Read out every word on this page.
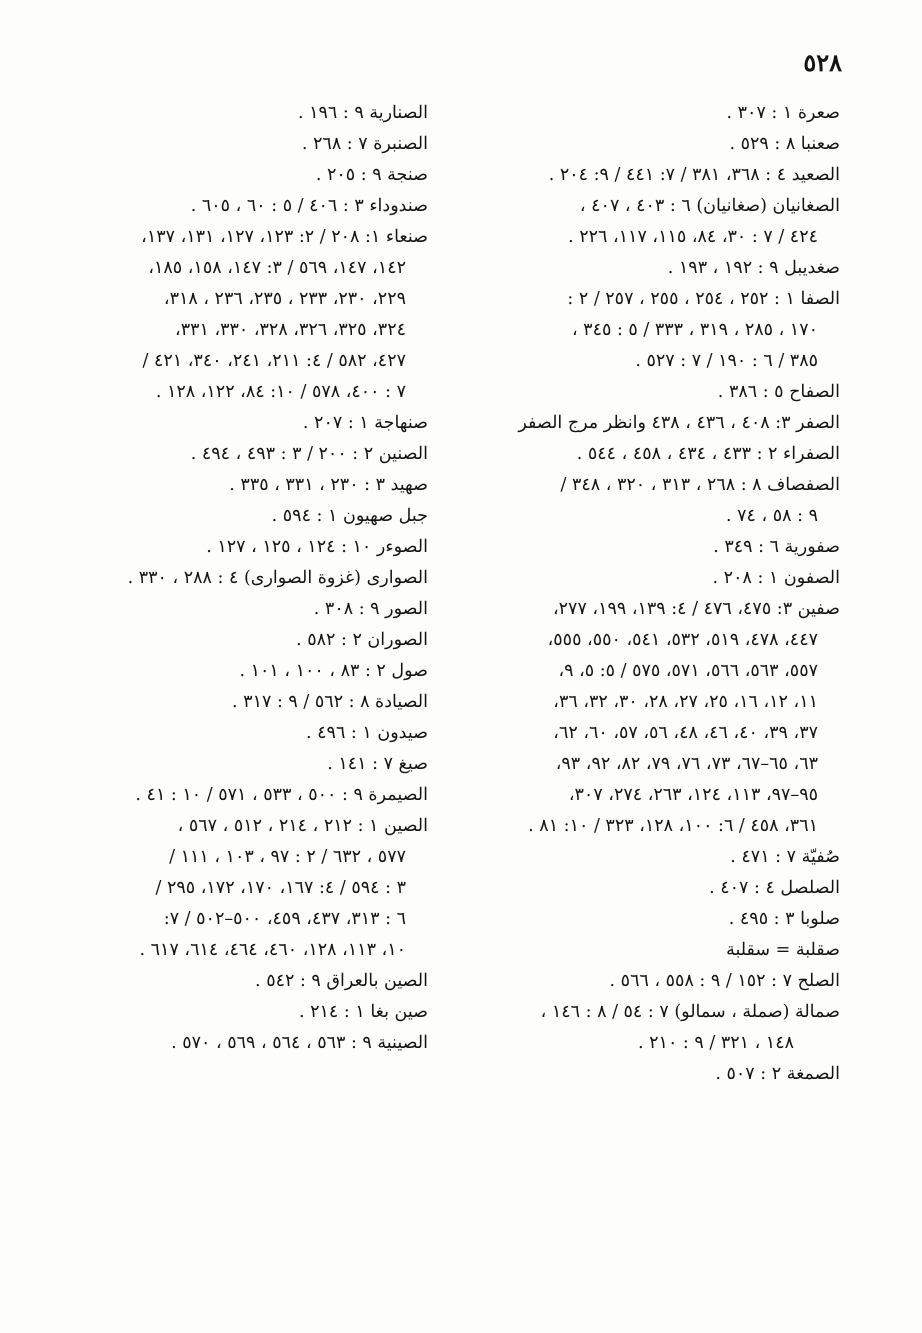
٥٢٨
صعرة ١ : ٣٠٧ .
صعنبا ٨ : ٥٢٩ .
الصعيد ٤ : ٣٦٨، ٣٨١ / ٧: ٤٤١ / ٩: ٢٠٤ .
الصغانيان (صغانيان) ٦ : ٤٠٣ ، ٤٠٧ ،
٤٢٤ / ٧ : ٣٠، ٨٤، ١١٥، ١١٧، ٢٢٦ .
صغديبل ٩ : ١٩٢ ، ١٩٣ .
الصفا ١ : ٢٥٢ ، ٢٥٤ ، ٢٥٥ ، ٢٥٧ / ٢ :
١٧٠ ، ٢٨٥ ، ٣١٩ ، ٣٣٣ / ٥ : ٣٤٥ ،
٣٨٥ / ٦ : ١٩٠ / ٧ : ٥٢٧ .
الصفاح ٥ : ٣٨٦ .
الصفر ٣: ٤٠٨ ، ٤٣٦ ، ٤٣٨ وانظر مرج الصفر
الصفراء ٢ : ٤٣٣ ، ٤٣٤ ، ٤٥٨ ، ٥٤٤ .
الصفصاف ٨ : ٢٦٨ ، ٣١٣ ، ٣٢٠ ، ٣٤٨ /
٩ : ٥٨ ، ٧٤ .
صفورية ٦ : ٣٤٩ .
الصفون ١ : ٢٠٨ .
صفين ٣: ٤٧٥، ٤٧٦ / ٤: ١٣٩، ١٩٩، ٢٧٧،
٤٤٧، ٤٧٨، ٥١٩، ٥٣٢، ٥٤١، ٥٥٠، ٥٥٥،
٥٥٧، ٥٦٣، ٥٦٦، ٥٧١، ٥٧٥ / ٥: ٥، ٩،
١١، ١٢، ١٦، ٢٥، ٢٧، ٢٨، ٣٠، ٣٢، ٣٦،
٣٧، ٣٩، ٤٠، ٤٦، ٤٨، ٥٦، ٥٧، ٦٠، ٦٢،
٦٣، ٦٥–٦٧، ٧٣، ٧٦، ٧٩، ٨٢، ٩٢، ٩٣،
٩٥–٩٧، ١١٣، ١٢٤، ٢٦٣، ٢٧٤، ٣٠٧،
٣٦١، ٤٥٨ / ٦: ١٠٠، ١٢٨، ٣٢٣ / ١٠: ٨١ .
صُفيّة ٧ : ٤٧١ .
الصلصل ٤ : ٤٠٧ .
صلوبا ٣ : ٤٩٥ .
صقلبة = سقلبة
الصلح ٧ : ١٥٢ / ٩ : ٥٥٨ ، ٥٦٦ .
صمالة (صملة ، سمالو) ٧ : ٥٤ / ٨ : ١٤٦ ،
١٤٨ ، ٣٢١ / ٩ : ٢١٠ .
الصمغة ٢ : ٥٠٧ .
الصنارية ٩ : ١٩٦ .
الصنبرة ٧ : ٢٦٨ .
صنجة ٩ : ٢٠٥ .
صندوداء ٣ : ٤٠٦ / ٥ : ٦٠ ، ٦٠٥ .
صنعاء ١: ٢٠٨ / ٢: ١٢٣، ١٢٧، ١٣١، ١٣٧،
١٤٢، ١٤٧، ٥٦٩ / ٣: ١٤٧، ١٥٨، ١٨٥،
٢٢٩، ٢٣٠، ٢٣٣ ، ٢٣٥، ٢٣٦ ، ٣١٨،
٣٢٤، ٣٢٥، ٣٢٦، ٣٢٨، ٣٣٠، ٣٣١،
٤٢٧، ٥٨٢ / ٤: ٢١١، ٢٤١، ٣٤٠، ٤٢١ /
٧ : ٤٠٠، ٥٧٨ / ١٠: ٨٤، ١٢٢، ١٢٨ .
صنهاجة ١ : ٢٠٧ .
الصنين ٢ : ٢٠٠ / ٣ : ٤٩٣ ، ٤٩٤ .
صهيد ٣ : ٢٣٠ ، ٣٣١ ، ٣٣٥ .
جبل صهيون ١ : ٥٩٤ .
الصوءر ١٠ : ١٢٤ ، ١٢٥ ، ١٢٧ .
الصوارى (غزوة الصوارى) ٤ : ٢٨٨ ، ٣٣٠ .
الصور ٩ : ٣٠٨ .
الصوران ٢ : ٥٨٢ .
صول ٢ : ٨٣ ، ١٠٠ ، ١٠١ .
الصيادة ٨ : ٥٦٢ / ٩ : ٣١٧ .
صيدون ١ : ٤٩٦ .
صيغ ٧ : ١٤١ .
الصيمرة ٩ : ٥٠٠ ، ٥٣٣ ، ٥٧١ / ١٠ : ٤١ .
الصين ١ : ٢١٢ ، ٢١٤ ، ٥١٢ ، ٥٦٧ ،
٥٧٧ ، ٦٣٢ / ٢ : ٩٧ ، ١٠٣ ، ١١١ /
٣ : ٥٩٤ / ٤: ١٦٧، ١٧٠، ١٧٢، ٢٩٥ /
٦ : ٣١٣، ٤٣٧، ٤٥٩، ٥٠٠–٥٠٢ / ٧:
١٠، ١١٣، ١٢٨، ٤٦٠، ٤٦٤، ٦١٤، ٦١٧ .
الصين بالعراق ٩ : ٥٤٢ .
صين بغا ١ : ٢١٤ .
الصينية ٩ : ٥٦٣ ، ٥٦٤ ، ٥٦٩ ، ٥٧٠ .
